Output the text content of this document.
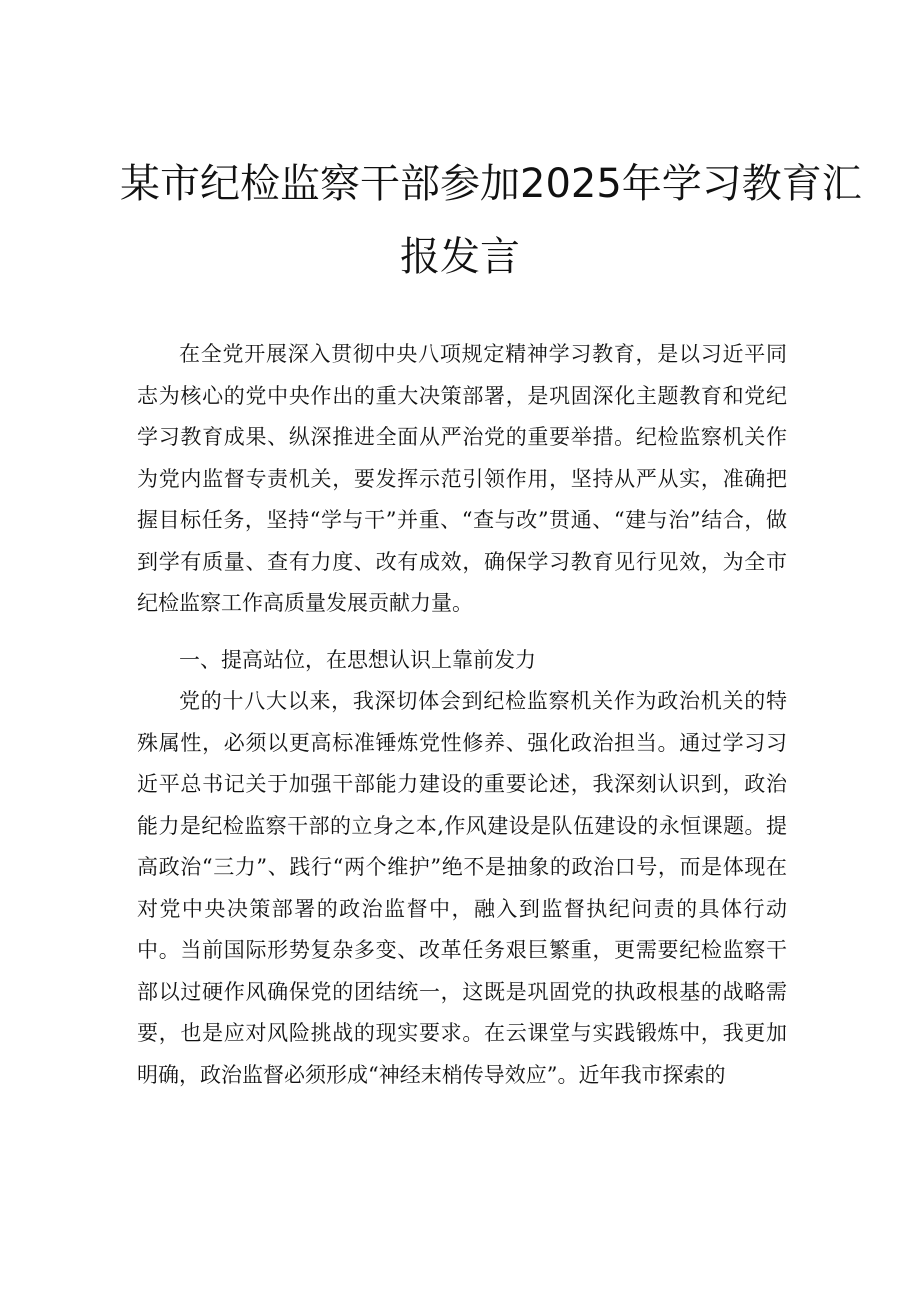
某市纪检监察干部参加2025年学习教育汇
报发言

在全党开展深入贯彻中央八项规定精神学习教育，是以习近平同志为核心的党中央作出的重大决策部署，是巩固深化主题教育和党纪学习教育成果、纵深推进全面从严治党的重要举措。纪检监察机关作为党内监督专责机关，要发挥示范引领作用，坚持从严从实，准确把握目标任务，坚持“学与干”并重、“查与改”贯通、“建与治”结合，做到学有质量、查有力度、改有成效，确保学习教育见行见效，为全市纪检监察工作高质量发展贡献力量。

一、提高站位，在思想认识上靠前发力

党的十八大以来，我深切体会到纪检监察机关作为政治机关的特殊属性，必须以更高标准锤炼党性修养、强化政治担当。通过学习习近平总书记关于加强干部能力建设的重要论述，我深刻认识到，政治能力是纪检监察干部的立身之本,作风建设是队伍建设的永恒课题。提高政治“三力”、践行“两个维护”绝不是抽象的政治口号，而是体现在对党中央决策部署的政治监督中，融入到监督执纪问责的具体行动中。当前国际形势复杂多变、改革任务艰巨繁重，更需要纪检监察干部以过硬作风确保党的团结统一，这既是巩固党的执政根基的战略需要，也是应对风险挑战的现实要求。在云课堂与实践锻炼中，我更加明确，政治监督必须形成“神经末梢传导效应”。近年我市探索的
